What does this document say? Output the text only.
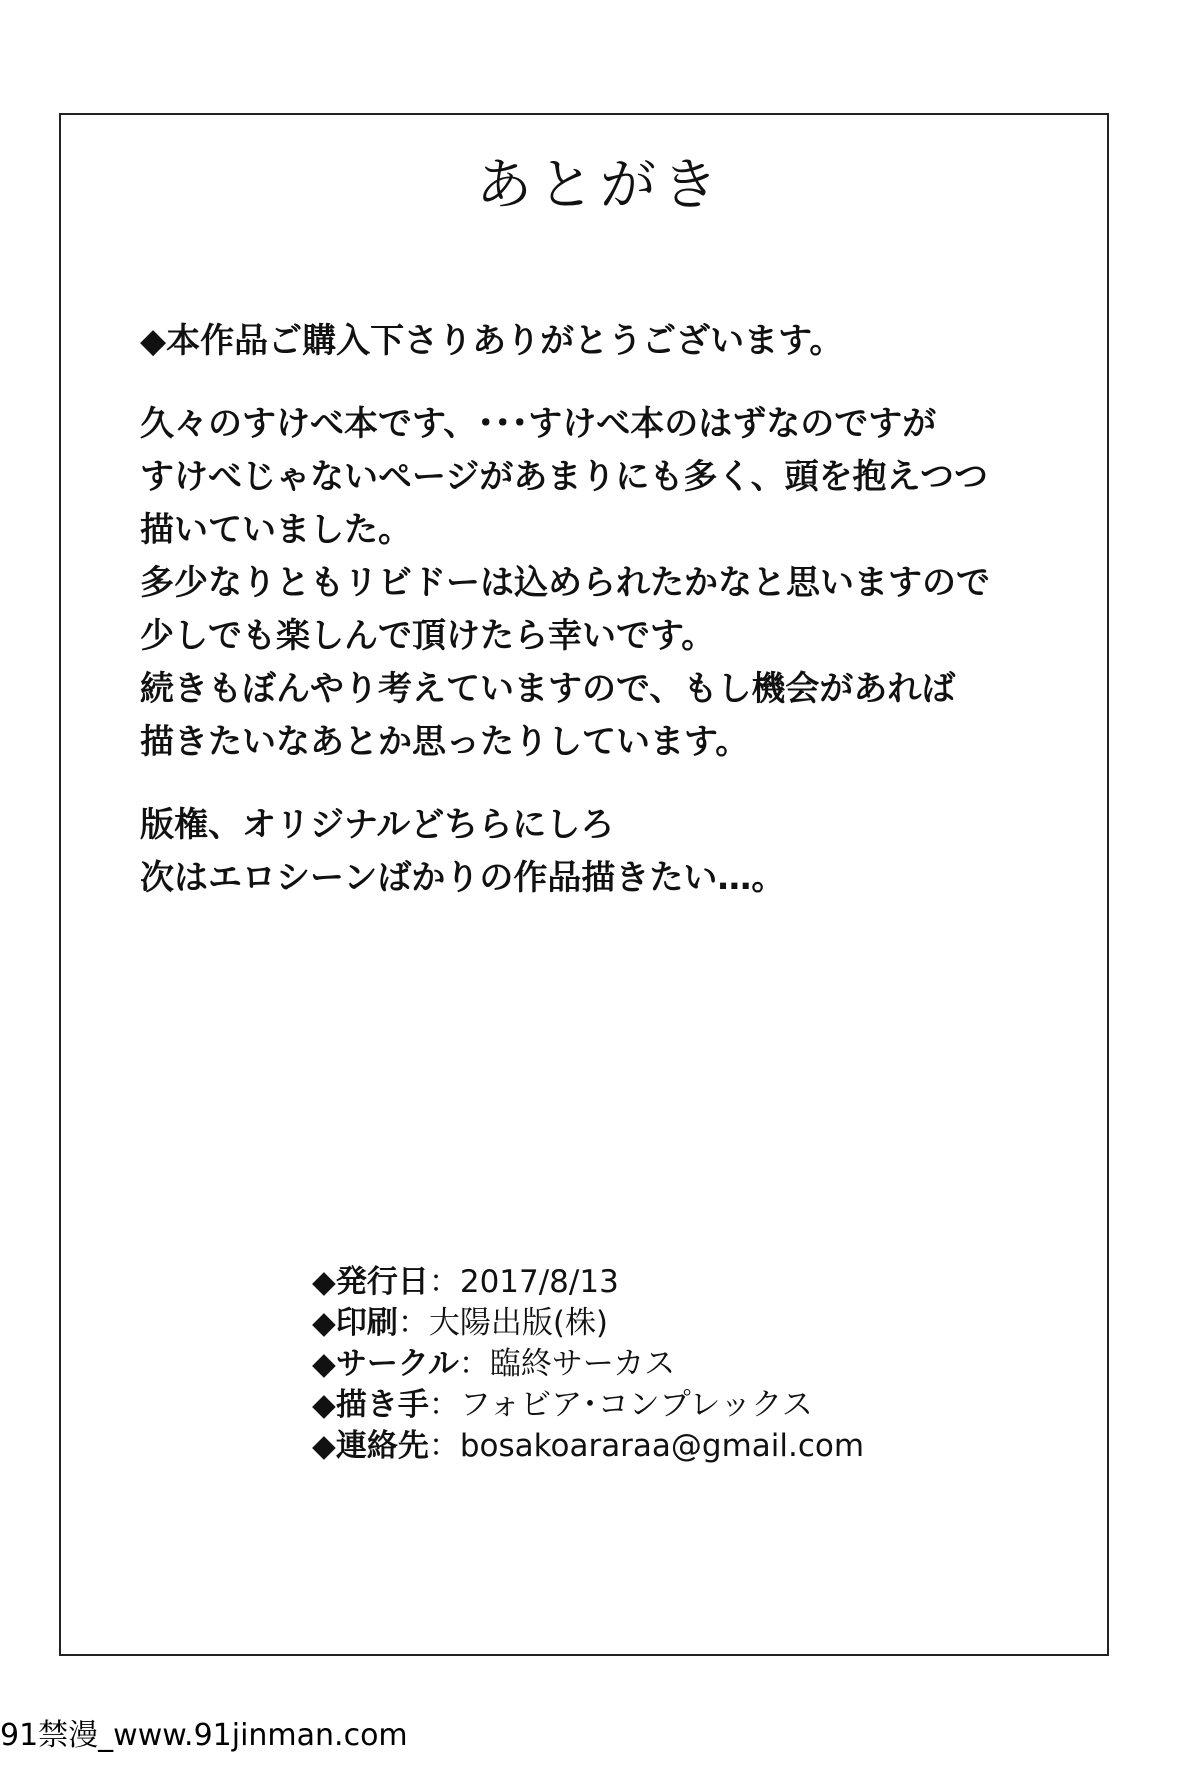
あとがき
◆本作品ご購入下さりありがとうございます。
久々のすけべ本です、･･･すけべ本のはずなのですが
すけべじゃないページがあまりにも多く、頭を抱えつつ
描いていました。
多少なりともリビドーは込められたかなと思いますので
少しでも楽しんで頂けたら幸いです。
続きもぼんやり考えていますので、もし機会があれば
描きたいなあとか思ったりしています。
版権、オリジナルどちらにしろ
次はエロシーンばかりの作品描きたい…。
◆発行日：2017/8/13
◆印刷：大陽出版(株)
◆サークル：臨終サーカス
◆描き手：フォビア･コンプレックス
◆連絡先：bosakoararaa@gmail.com
91禁漫_www.91jinman.com
